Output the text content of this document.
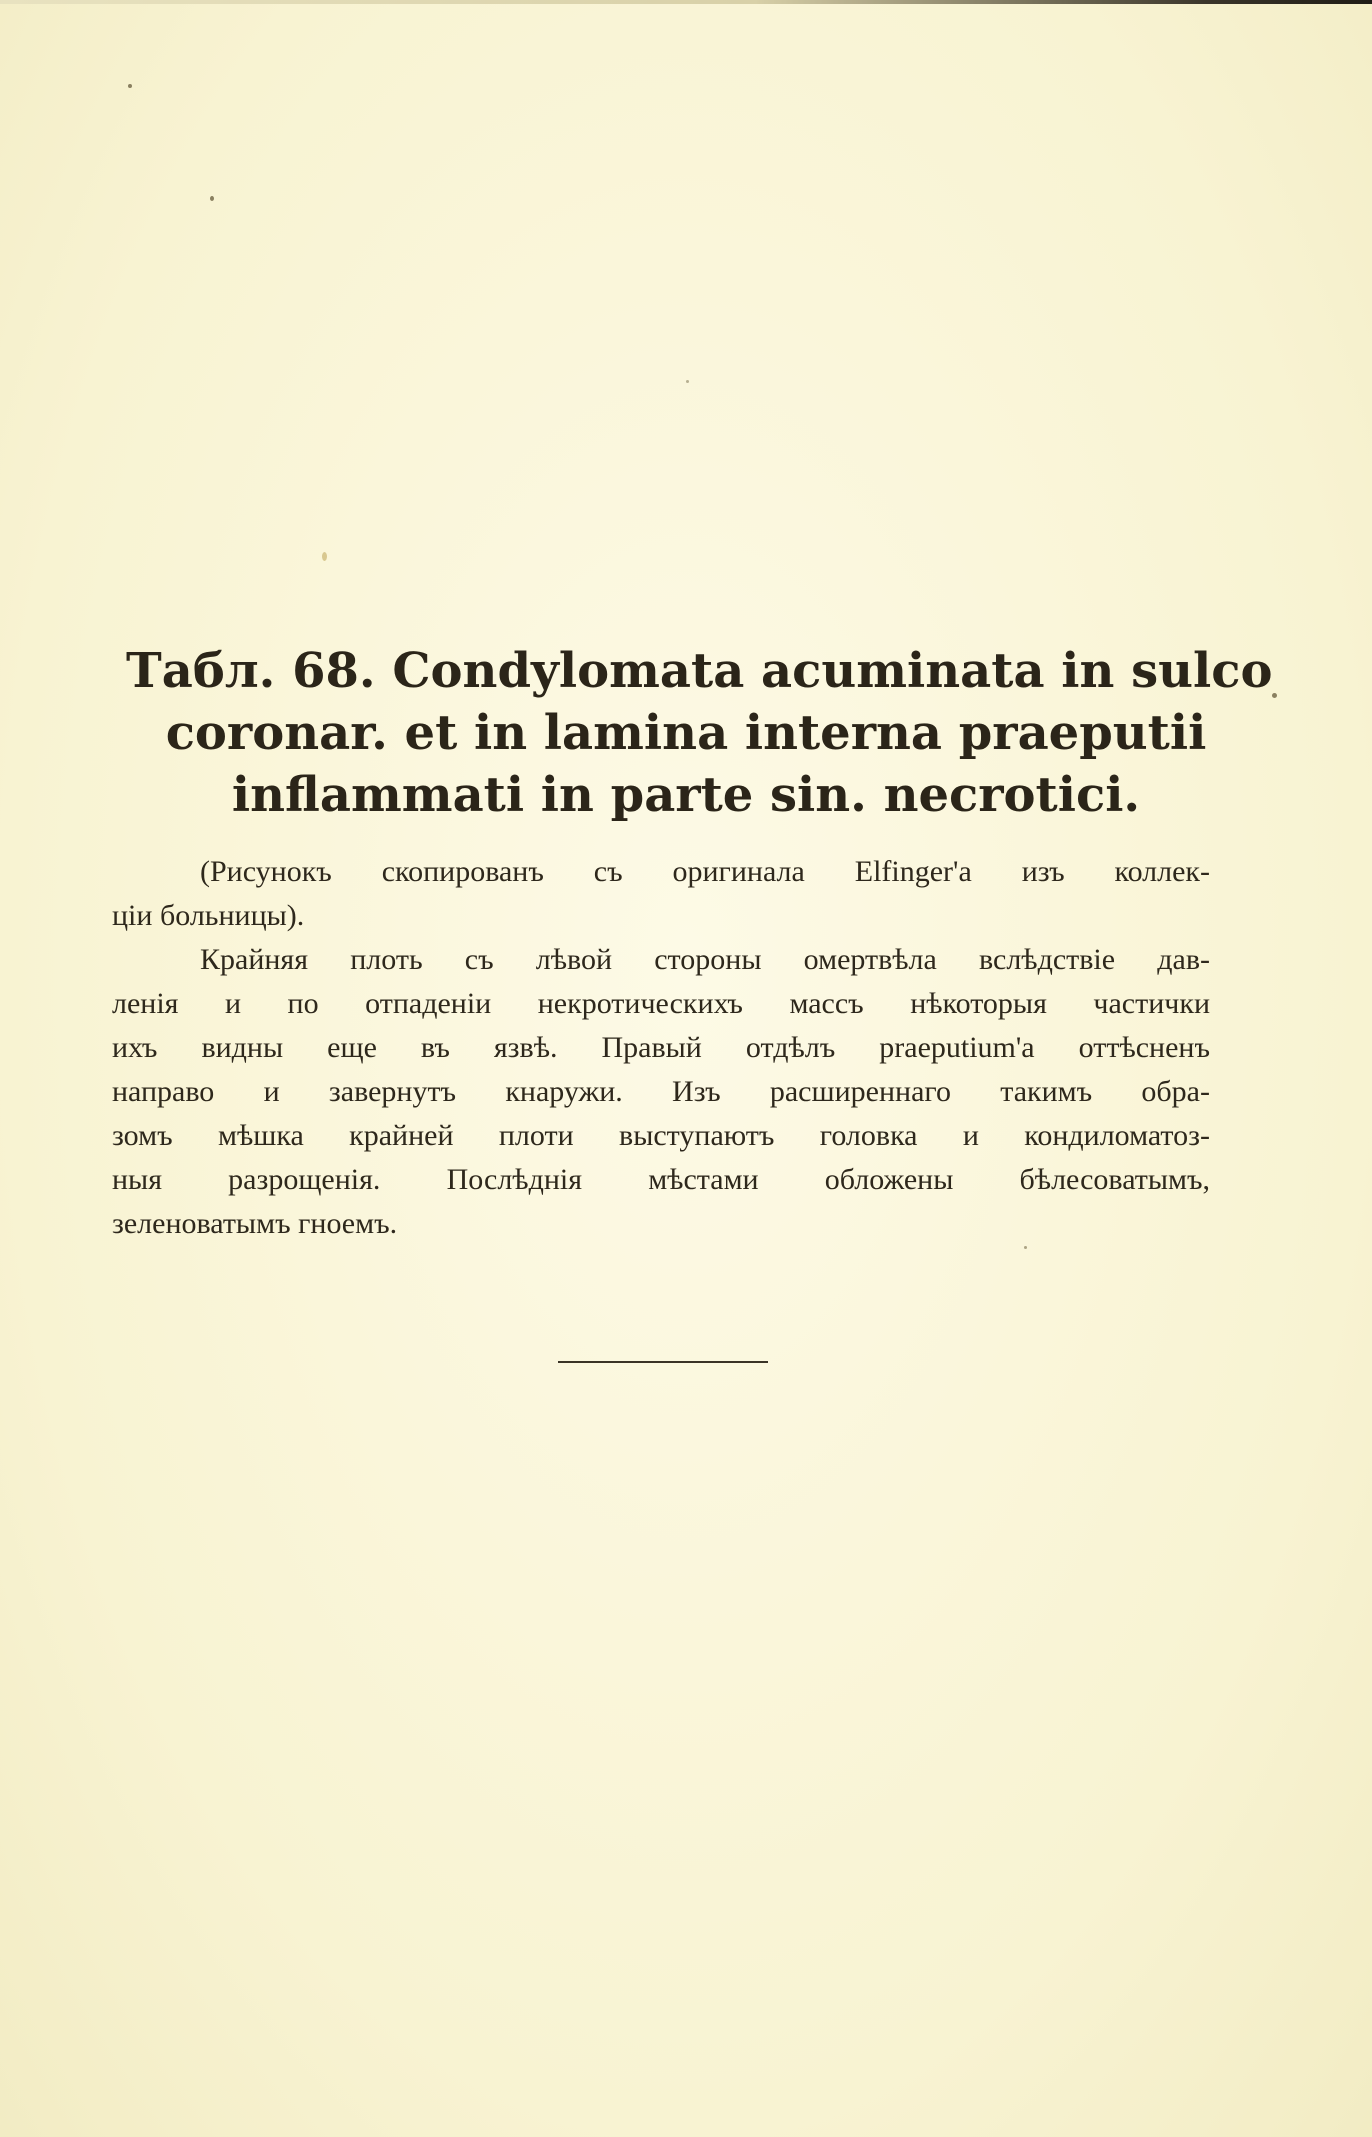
Табл. 68. Condylomata acuminata in sulco
coronar. et in lamina interna praeputii
inflammati in parte sin. necrotici.
(Рисунокъ скопированъ съ оригинала Elfinger'a изъ коллек-
ціи больницы).
Крайняя плоть съ лѣвой стороны омертвѣла вслѣдствіе дав-
ленія и по отпаденіи некротическихъ массъ нѣкоторыя частички
ихъ видны еще въ язвѣ. Правый отдѣлъ praeputium'a оттѣсненъ
направо и завернутъ кнаружи. Изъ расширеннаго такимъ обра-
зомъ мѣшка крайней плоти выступаютъ головка и кондиломатоз-
ныя разрощенія. Послѣднія мѣстами обложены бѣлесоватымъ,
зеленоватымъ гноемъ.
